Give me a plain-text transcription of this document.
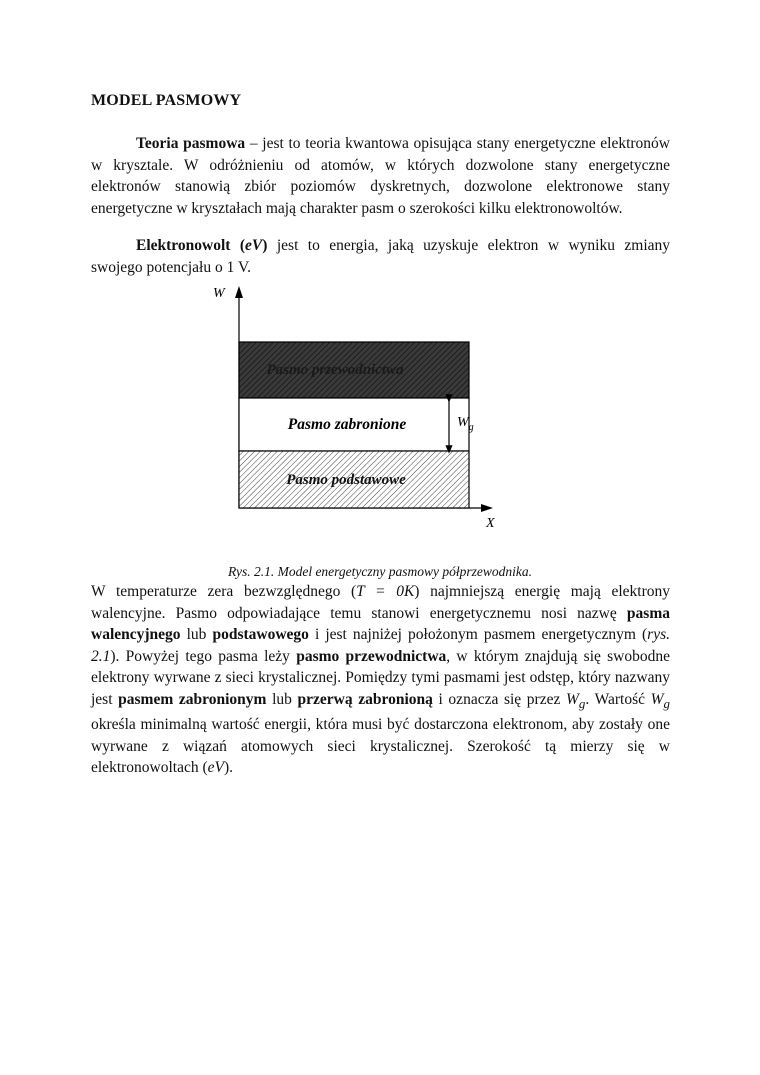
MODEL PASMOWY

Teoria pasmowa – jest to teoria kwantowa opisująca stany energetyczne elektronów w krysztale. W odróżnieniu od atomów, w których dozwolone stany energetyczne elektronów stanowią zbiór poziomów dyskretnych, dozwolone elektronowe stany energetyczne w kryształach mają charakter pasm o szerokości kilku elektronowoltów.

Elektronowolt (eV) jest to energia, jaką uzyskuje elektron w wyniku zmiany swojego potencjału o 1 V.

W
X
Pasmo przewodnictwa
Pasmo zabronione
Pasmo podstawowe
$W_g$
Rys. 2.1. Model energetyczny pasmowy półprzewodnika.

W temperaturze zera bezwzględnego (T = 0K) najmniejszą energię mają elektrony walencyjne. Pasmo odpowiadające temu stanowi energetycznemu nosi nazwę pasma walencyjnego lub podstawowego i jest najniżej położonym pasmem energetycznym (rys. 2.1). Powyżej tego pasma leży pasmo przewodnictwa, w którym znajdują się swobodne elektrony wyrwane z sieci krystalicznej. Pomiędzy tymi pasmami jest odstęp, który nazwany jest pasmem zabronionym lub przerwą zabronioną i oznacza się przez $W_g$. Wartość $W_g$ określa minimalną wartość energii, która musi być dostarczona elektronom, aby zostały one wyrwane z wiązań atomowych sieci krystalicznej. Szerokość tą mierzy się w elektronowoltach (eV).
